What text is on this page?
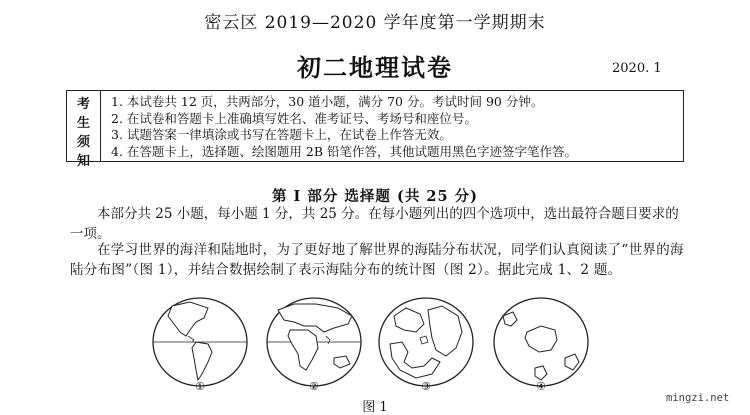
密云区 2019—2020 学年度第一学期期末
初二地理试卷	2020. 1
考
生
须
知
1. 本试卷共 12 页，共两部分，30 道小题，满分 70 分。考试时间 90 分钟。
2. 在试卷和答题卡上准确填写姓名、准考证号、考场号和座位号。
3. 试题答案一律填涂或书写在答题卡上，在试卷上作答无效。
4. 在答题卡上，选择题、绘图题用 2B 铅笔作答，其他试题用黑色字迹签字笔作答。
第 I 部分 选择题 (共 25 分)
本部分共 25 小题，每小题 1 分，共 25 分。在每小题列出的四个选项中，选出最符合题目要求的一项。
在学习世界的海洋和陆地时，为了更好地了解世界的海陆分布状况，同学们认真阅读了“世界的海陆分布图”（图 1），并结合数据绘制了表示海陆分布的统计图（图 2）。据此完成 1、2 题。
①	②	③	④
图 1
mingzi.net
